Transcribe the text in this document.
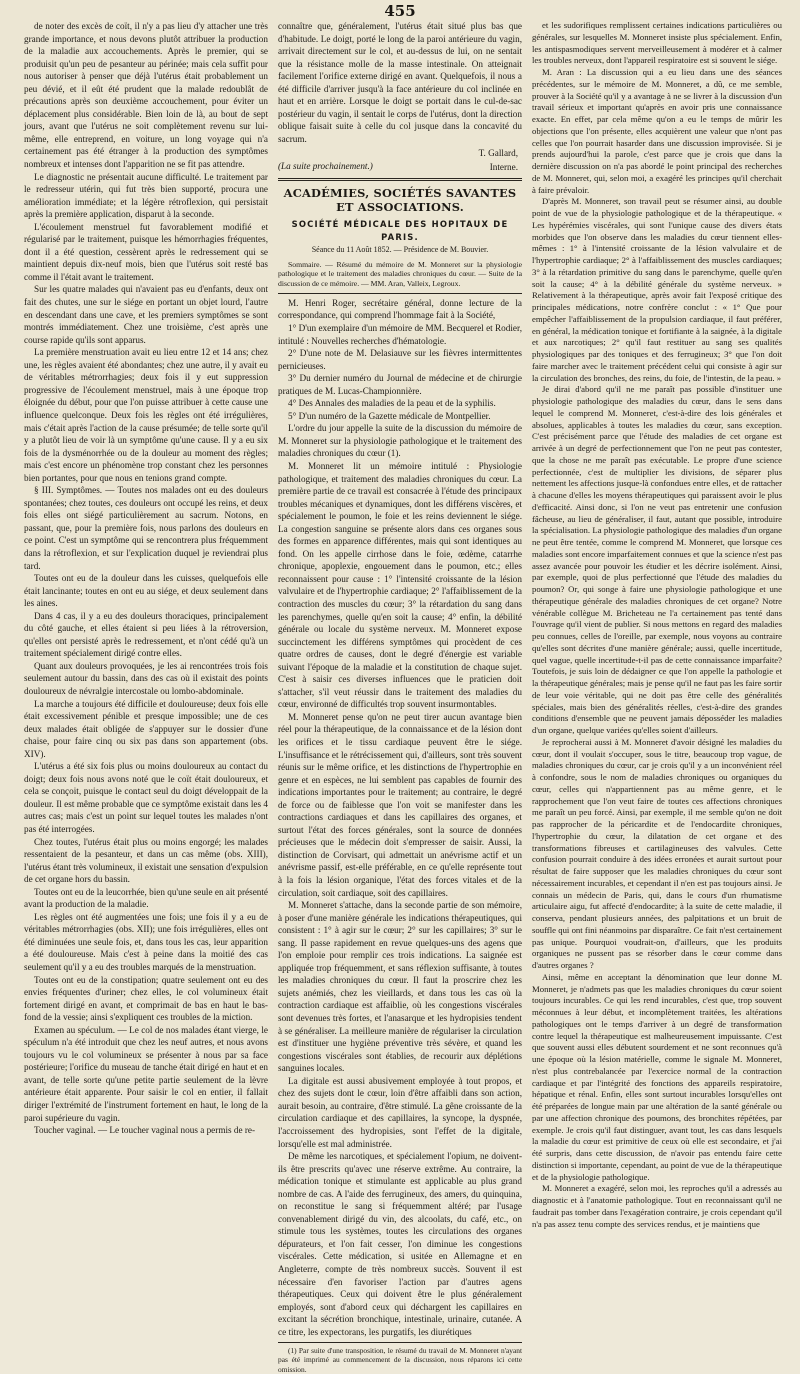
455

de noter des excès de coït, il n'y a pas lieu d'y attacher une très grande importance, et nous devons plutôt attribuer la production de la maladie aux accouchements. Après le premier, qui se produisit qu'un peu de pesanteur au périnée; mais cela suffit pour nous autoriser à penser que déjà l'utérus était probablement un peu dévié, et il eût été prudent que la malade redoublât de précautions après son deuxième accouchement, pour éviter un déplacement plus considérable. Bien loin de là, au bout de sept jours, avant que l'utérus ne soit complètement revenu sur lui-même, elle entreprend, en voiture, un long voyage qui n'a certainement pas été étranger à la production des symptômes nombreux et intenses dont l'apparition ne se fit pas attendre.

Le diagnostic ne présentait aucune difficulté. Le traitement par le redresseur utérin, qui fut très bien supporté, procura une amélioration immédiate; et la légère rétroflexion, qui persistait après la première application, disparut à la seconde.

L'écoulement menstruel fut favorablement modifié et régularisé par le traitement, puisque les hémorrhagies fréquentes, dont il a été question, cessèrent après le redressement qui se maintient depuis dix-neuf mois, bien que l'utérus soit resté bas comme il l'était avant le traitement.

Sur les quatre malades qui n'avaient pas eu d'enfants, deux ont fait des chutes, une sur le siége en portant un objet lourd, l'autre en descendant dans une cave, et les premiers symptômes se sont montrés immédiatement. Chez une troisième, c'est après une course rapide qu'ils sont apparus.

La première menstruation avait eu lieu entre 12 et 14 ans; chez une, les règles avaient été abondantes; chez une autre, il y avait eu de véritables métrorrhagies; deux fois il y eut suppression progressive de l'écoulement menstruel, mais à une époque trop éloignée du début, pour que l'on puisse attribuer à cette cause une influence quelconque. Deux fois les règles ont été irrégulières, mais c'était après l'action de la cause présumée; de telle sorte qu'il y a plutôt lieu de voir là un symptôme qu'une cause. Il y a eu six fois de la dysménorrhée ou de la douleur au moment des règles; mais c'est encore un phénomène trop constant chez les personnes bien portantes, pour que nous en tenions grand compte.

§ III. Symptômes. — Toutes nos malades ont eu des douleurs spontanées; chez toutes, ces douleurs ont occupé les reins, et deux fois elles ont siégé particulièrement au sacrum. Notons, en passant, que, pour la première fois, nous parlons des douleurs en ce point. C'est un symptôme qui se rencontrera plus fréquemment dans la rétroflexion, et sur l'explication duquel je reviendrai plus tard.

Toutes ont eu de la douleur dans les cuisses, quelquefois elle était lancinante; toutes en ont eu au siége, et deux seulement dans les aines.

Dans 4 cas, il y a eu des douleurs thoraciques, principalement du côté gauche, et elles étaient si peu liées à la rétroversion, qu'elles ont persisté après le redressement, et n'ont cédé qu'à un traitement spécialement dirigé contre elles.

Quant aux douleurs provoquées, je les ai rencontrées trois fois seulement autour du bassin, dans des cas où il existait des points douloureux de névralgie intercostale ou lombo-abdominale.

La marche a toujours été difficile et douloureuse; deux fois elle était excessivement pénible et presque impossible; une de ces deux malades était obligée de s'appuyer sur le dossier d'une chaise, pour faire cinq ou six pas dans son appartement (obs. XIV).

L'utérus a été six fois plus ou moins douloureux au contact du doigt; deux fois nous avons noté que le coït était douloureux, et cela se conçoit, puisque le contact seul du doigt développait de la douleur. Il est même probable que ce symptôme existait dans les 4 autres cas; mais c'est un point sur lequel toutes les malades n'ont pas été interrogées.

Chez toutes, l'utérus était plus ou moins engorgé; les malades ressentaient de la pesanteur, et dans un cas même (obs. XIII), l'utérus étant très volumineux, il existait une sensation d'expulsion de cet organe hors du bassin.

Toutes ont eu de la leucorrhée, bien qu'une seule en ait présenté avant la production de la maladie.

Les règles ont été augmentées une fois; une fois il y a eu de véritables métrorrhagies (obs. XII); une fois irrégulières, elles ont été diminuées une seule fois, et, dans tous les cas, leur apparition a été douloureuse. Mais c'est à peine dans la moitié des cas seulement qu'il y a eu des troubles marqués de la menstruation.

Toutes ont eu de la constipation; quatre seulement ont eu des envies fréquentes d'uriner; chez elles, le col volumineux était fortement dirigé en avant, et comprimait de bas en haut le bas-fond de la vessie; ainsi s'expliquent ces troubles de la miction.

Examen au spéculum. — Le col de nos malades étant vierge, le spéculum n'a été introduit que chez les neuf autres, et nous avons toujours vu le col volumineux se présenter à nous par sa face postérieure; l'orifice du museau de tanche était dirigé en haut et en avant, de telle sorte qu'une petite partie seulement de la lèvre antérieure était apparente. Pour saisir le col en entier, il fallait diriger l'extrémité de l'instrument fortement en haut, le long de la paroi supérieure du vagin.

Toucher vaginal. — Le toucher vaginal nous a permis de re-

connaître que, généralement, l'utérus était situé plus bas que d'habitude. Le doigt, porté le long de la paroi antérieure du vagin, arrivait directement sur le col, et au-dessus de lui, on ne sentait que la résistance molle de la masse intestinale. On atteignait facilement l'orifice externe dirigé en avant. Quelquefois, il nous a été difficile d'arriver jusqu'à la face antérieure du col inclinée en haut et en arrière. Lorsque le doigt se portait dans le cul-de-sac postérieur du vagin, il sentait le corps de l'utérus, dont la direction oblique faisait suite à celle du col jusque dans la concavité du sacrum.

T. Gallard,
(La suite prochainement.)	Interne.
ACADÉMIES, SOCIÉTÉS SAVANTES ET ASSOCIATIONS.
SOCIÉTÉ MÉDICALE DES HOPITAUX DE PARIS.
Séance du 11 Août 1852. — Présidence de M. Bouvier.

Sommaire. — Résumé du mémoire de M. Monneret sur la physiologie pathologique et le traitement des maladies chroniques du cœur. — Suite de la discussion de ce mémoire. — MM. Aran, Valleix, Legroux.

M. Henri Roger, secrétaire général, donne lecture de la correspondance, qui comprend l'hommage fait à la Société,

1° D'un exemplaire d'un mémoire de MM. Becquerel et Rodier, intitulé : Nouvelles recherches d'hématologie.

2° D'une note de M. Delasiauve sur les fièvres intermittentes pernicieuses.

3° Du dernier numéro du Journal de médecine et de chirurgie pratiques de M. Lucas-Championnière.

4° Des Annales des maladies de la peau et de la syphilis.

5° D'un numéro de la Gazette médicale de Montpellier.

L'ordre du jour appelle la suite de la discussion du mémoire de M. Monneret sur la physiologie pathologique et le traitement des maladies chroniques du cœur (1).

M. Monneret lit un mémoire intitulé : Physiologie pathologique, et traitement des maladies chroniques du cœur. La première partie de ce travail est consacrée à l'étude des principaux troubles mécaniques et dynamiques, dont les différens viscères, et spécialement le poumon, le foie et les reins deviennent le siége. La congestion sanguine se présente alors dans ces organes sous des formes en apparence différentes, mais qui sont identiques au fond. On les appelle cirrhose dans le foie, œdème, catarrhe chronique, apoplexie, engouement dans le poumon, etc.; elles reconnaissent pour cause : 1° l'intensité croissante de la lésion valvulaire et de l'hypertrophie cardiaque; 2° l'affaiblissement de la contraction des muscles du cœur; 3° la rétardation du sang dans les parenchymes, quelle qu'en soit la cause; 4° enfin, la débilité générale ou locale du système nerveux. M. Monneret expose succinctement les différens symptômes qui procèdent de ces quatre ordres de causes, dont le degré d'énergie est variable suivant l'époque de la maladie et la constitution de chaque sujet. C'est à saisir ces diverses influences que le praticien doit s'attacher, s'il veut réussir dans le traitement des maladies du cœur, environné de difficultés trop souvent insurmontables.

M. Monneret pense qu'on ne peut tirer aucun avantage bien réel pour la thérapeutique, de la connaissance et de la lésion dont les orifices et le tissu cardiaque peuvent être le siége. L'insuffisance et le rétrécissement qui, d'ailleurs, sont très souvent réunis sur le même orifice, et les distinctions de l'hypertrophie en genre et en espèces, ne lui semblent pas capables de fournir des indications importantes pour le traitement; au contraire, le degré de force ou de faiblesse que l'on voit se manifester dans les contractions cardiaques et dans les capillaires des organes, et surtout l'état des forces générales, sont la source de données précieuses que le médecin doit s'empresser de saisir. Aussi, la distinction de Corvisart, qui admettait un anévrisme actif et un anévrisme passif, est-elle préférable, en ce qu'elle représente tout à la fois la lésion organique, l'état des forces vitales et de la circulation, soit cardiaque, soit des capillaires.

M. Monneret s'attache, dans la seconde partie de son mémoire, à poser d'une manière générale les indications thérapeutiques, qui consistent : 1° à agir sur le cœur; 2° sur les capillaires; 3° sur le sang. Il passe rapidement en revue quelques-uns des agens que l'on emploie pour remplir ces trois indications. La saignée est appliquée trop fréquemment, et sans réflexion suffisante, à toutes les maladies chroniques du cœur. Il faut la proscrire chez les sujets anémiés, chez les vieillards, et dans tous les cas où la contraction cardiaque est affaiblie, où les congestions viscérales sont devenues très fortes, et l'anasarque et les hydropisies tendent à se généraliser. La meilleure manière de régulariser la circulation est d'instituer une hygiène préventive très sévère, et quand les congestions viscérales sont établies, de recourir aux déplétions sanguines locales.

La digitale est aussi abusivement employée à tout propos, et chez des sujets dont le cœur, loin d'être affaibli dans son action, aurait besoin, au contraire, d'être stimulé. La gêne croissante de la circulation cardiaque et des capillaires, la syncope, la dyspnée, l'accroissement des hydropisies, sont l'effet de la digitale, lorsqu'elle est mal administrée.

De même les narcotiques, et spécialement l'opium, ne doivent-ils être prescrits qu'avec une réserve extrême. Au contraire, la médication tonique et stimulante est applicable au plus grand nombre de cas. A l'aide des ferrugineux, des amers, du quinquina, on reconstitue le sang si fréquemment altéré; par l'usage convenablement dirigé du vin, des alcoolats, du café, etc., on stimule tous les systèmes, toutes les circulations des organes dépurateurs, et l'on fait cesser, l'on diminue les congestions viscérales. Cette médication, si usitée en Allemagne et en Angleterre, compte de très nombreux succès. Souvent il est nécessaire d'en favoriser l'action par d'autres agens thérapeutiques. Ceux qui doivent être le plus généralement employés, sont d'abord ceux qui déchargent les capillaires en excitant la sécrétion bronchique, intestinale, urinaire, cutanée. A ce titre, les expectorans, les purgatifs, les diurétiques

(1) Par suite d'une transposition, le résumé du travail de M. Monneret n'ayant pas été imprimé au commencement de la discussion, nous réparons ici cette omission.

et les sudorifiques remplissent certaines indications particulières ou générales, sur lesquelles M. Monneret insiste plus spécialement. Enfin, les antispasmodiques servent merveilleusement à modérer et à calmer les troubles nerveux, dont l'appareil respiratoire est si souvent le siége.

M. Aran : La discussion qui a eu lieu dans une des séances précédentes, sur le mémoire de M. Monneret, a dû, ce me semble, prouver à la Société qu'il y a avantage à ne se livrer à la discussion d'un travail sérieux et important qu'après en avoir pris une connaissance exacte. En effet, par cela même qu'on a eu le temps de mûrir les objections que l'on présente, elles acquièrent une valeur que n'ont pas celles que l'on pourrait hasarder dans une discussion improvisée. Si je prends aujourd'hui la parole, c'est parce que je crois que dans la dernière discussion on n'a pas abordé le point principal des recherches de M. Monneret, qui, selon moi, a exagéré les principes qu'il cherchait à faire prévaloir.

D'après M. Monneret, son travail peut se résumer ainsi, au double point de vue de la physiologie pathologique et de la thérapeutique. « Les hypérémies viscérales, qui sont l'unique cause des divers états morbides que l'on observe dans les maladies du cœur tiennent elles-mêmes : 1° à l'intensité croissante de la lésion valvulaire et de l'hypertrophie cardiaque; 2° à l'affaiblissement des muscles cardiaques; 3° à la rétardation primitive du sang dans le parenchyme, quelle qu'en soit la cause; 4° à la débilité générale du système nerveux. » Relativement à la thérapeutique, après avoir fait l'exposé critique des principales médications, notre confrère conclut : « 1° Que pour empêcher l'affaiblissement de la propulsion cardiaque, il faut préférer, en général, la médication tonique et fortifiante à la saignée, à la digitale et aux narcotiques; 2° qu'il faut restituer au sang ses qualités physiologiques par des toniques et des ferrugineux; 3° que l'on doit faire marcher avec le traitement précédent celui qui consiste à agir sur la circulation des bronches, des reins, du foie, de l'intestin, de la peau. »

Je dirai d'abord qu'il ne me paraît pas possible d'instituer une physiologie pathologique des maladies du cœur, dans le sens dans lequel le comprend M. Monneret, c'est-à-dire des lois générales et absolues, applicables à toutes les maladies du cœur, sans exception. C'est précisément parce que l'étude des maladies de cet organe est arrivée à un degré de perfectionnement que l'on ne peut pas contester, que la chose ne me paraît pas exécutable. Le propre d'une science perfectionnée, c'est de multiplier les divisions, de séparer plus nettement les affections jusque-là confondues entre elles, et de rattacher à chacune d'elles les moyens thérapeutiques qui paraissent avoir le plus d'efficacité. Ainsi donc, si l'on ne veut pas entretenir une confusion fâcheuse, au lieu de généraliser, il faut, autant que possible, introduire la spécialisation. La physiologie pathologique des maladies d'un organe ne peut être tentée, comme le comprend M. Monneret, que lorsque ces maladies sont encore imparfaitement connues et que la science n'est pas assez avancée pour pouvoir les étudier et les décrire isolément. Ainsi, par exemple, quoi de plus perfectionné que l'étude des maladies du poumon? Or, qui songe à faire une physiologie pathologique et une thérapeutique générale des maladies chroniques de cet organe? Notre vénérable collègue M. Bricheteau ne l'a certainement pas tenté dans l'ouvrage qu'il vient de publier. Si nous mettons en regard des maladies peu connues, celles de l'oreille, par exemple, nous voyons au contraire qu'elles sont décrites d'une manière générale; aussi, quelle incertitude, quel vague, quelle incertitude-t-il pas de cette connaissance imparfaite? Toutefois, je suis loin de dédaigner ce que l'on appelle la pathologie et la thérapeutique générales; mais je pense qu'il ne faut pas les faire sortir de leur voie véritable, qui ne doit pas être celle des généralités spéciales, mais bien des généralités réelles, c'est-à-dire des grandes conditions d'ensemble que ne peuvent jamais déposséder les maladies d'un organe, quelque variées qu'elles soient d'ailleurs.

Je reprocherai aussi à M. Monneret d'avoir désigné les maladies du cœur, dont il voulait s'occuper, sous le titre, beaucoup trop vague, de maladies chroniques du cœur, car je crois qu'il y a un inconvénient réel à confondre, sous le nom de maladies chroniques ou organiques du cœur, celles qui n'appartiennent pas au même genre, et le rapprochement que l'on veut faire de toutes ces affections chroniques me paraît un peu forcé. Ainsi, par exemple, il me semble qu'on ne doit pas rapprocher de la péricardite et de l'endocardite chroniques, l'hypertrophie du cœur, la dilatation de cet organe et des transformations fibreuses et cartilagineuses des valvules. Cette confusion pourrait conduire à des idées erronées et aurait surtout pour résultat de faire supposer que les maladies chroniques du cœur sont nécessairement incurables, et cependant il n'en est pas toujours ainsi. Je connais un médecin de Paris, qui, dans le cours d'un rhumatisme articulaire aigu, fut affecté d'endocardite; à la suite de cette maladie, il conserva, pendant plusieurs années, des palpitations et un bruit de souffle qui ont fini néanmoins par disparaître. Ce fait n'est certainement pas unique. Pourquoi voudrait-on, d'ailleurs, que les produits organiques ne pussent pas se résorber dans le cœur comme dans d'autres organes ?

Ainsi, même en acceptant la dénomination que leur donne M. Monneret, je n'admets pas que les maladies chroniques du cœur soient toujours incurables. Ce qui les rend incurables, c'est que, trop souvent méconnues à leur début, et incomplètement traitées, les altérations pathologiques ont le temps d'arriver à un degré de transformation contre lequel la thérapeutique est malheureusement impuissante. C'est que souvent aussi elles débutent sourdement et ne sont reconnues qu'à une époque où la lésion matérielle, comme le signale M. Monneret, n'est plus contrebalancée par l'exercice normal de la contraction cardiaque et par l'intégrité des fonctions des appareils respiratoire, hépatique et rénal. Enfin, elles sont surtout incurables lorsqu'elles ont été préparées de longue main par une altération de la santé générale ou par une affection chronique des poumons, des bronchites répétées, par exemple. Je crois qu'il faut distinguer, avant tout, les cas dans lesquels la maladie du cœur est primitive de ceux où elle est secondaire, et j'ai été surpris, dans cette discussion, de n'avoir pas entendu faire cette distinction si importante, cependant, au point de vue de la thérapeutique et de la physiologie pathologique.

M. Monneret a exagéré, selon moi, les reproches qu'il a adressés au diagnostic et à l'anatomie pathologique. Tout en reconnaissant qu'il ne faudrait pas tomber dans l'exagération contraire, je crois cependant qu'il n'a pas assez tenu compte des services rendus, et je maintiens que
